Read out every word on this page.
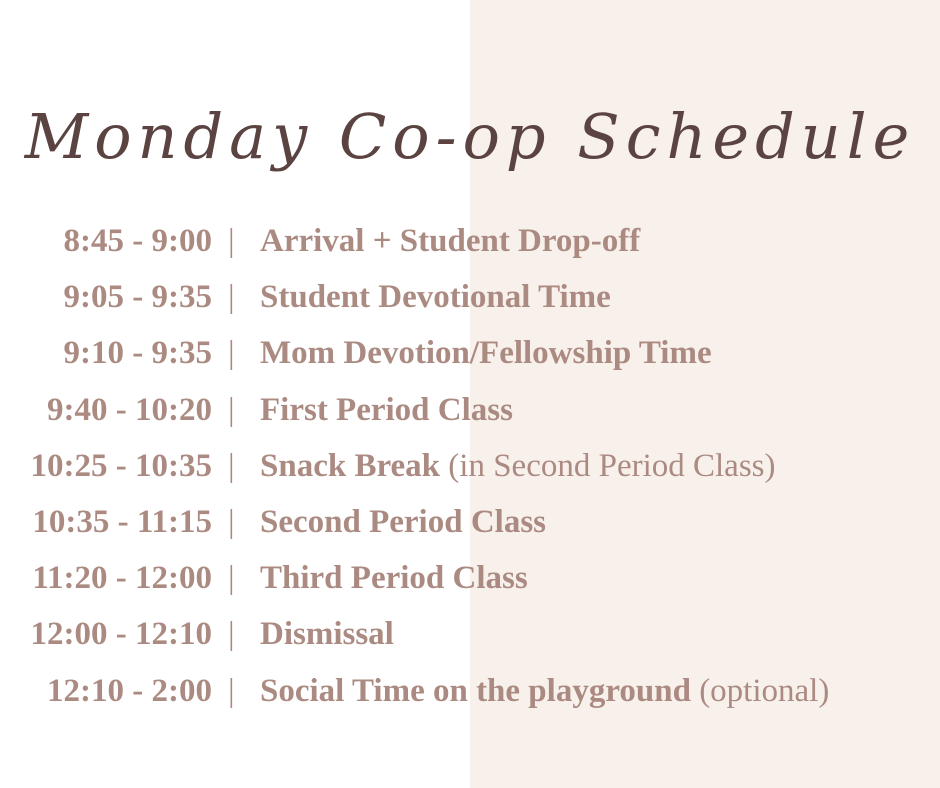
Monday Co-op Schedule
8:45 - 9:00 | Arrival + Student Drop-off
9:05 - 9:35 | Student Devotional Time
9:10 - 9:35 | Mom Devotion/Fellowship Time
9:40 - 10:20 | First Period Class
10:25 - 10:35 | Snack Break (in Second Period Class)
10:35 - 11:15 | Second Period Class
11:20 - 12:00 | Third Period Class
12:00 - 12:10 | Dismissal
12:10 - 2:00 | Social Time on the playground (optional)
